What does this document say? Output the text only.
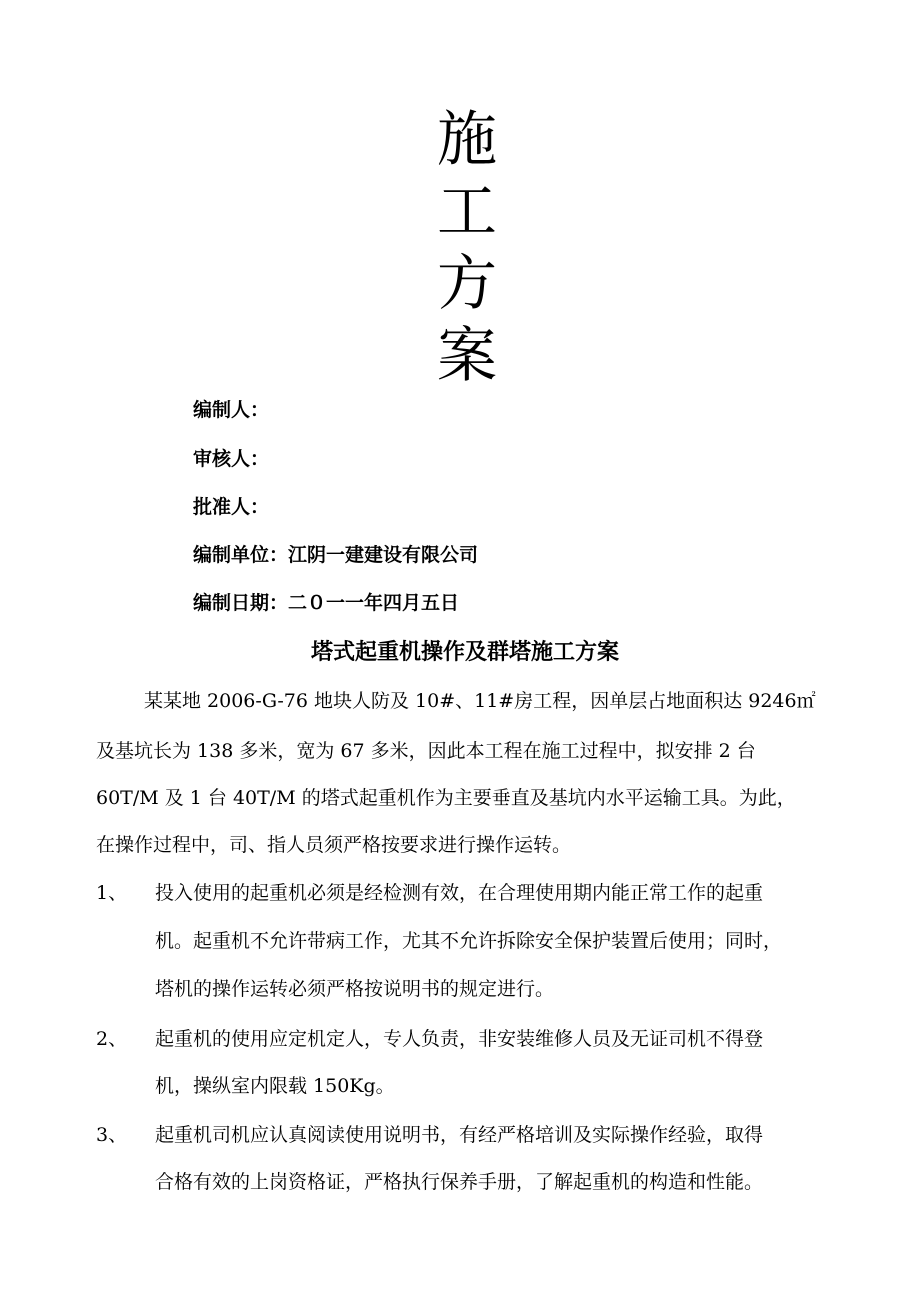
施
工
方
案
编制人：
审核人：
批准人：
编制单位：江阴一建建设有限公司
编制日期：二０一一年四月五日
塔式起重机操作及群塔施工方案
某某地 2006-G-76 地块人防及 10#、11#房工程，因单层占地面积达 9246㎡
及基坑长为 138 多米，宽为 67 多米，因此本工程在施工过程中，拟安排 2 台
60T/M 及 1 台 40T/M 的塔式起重机作为主要垂直及基坑内水平运输工具。为此，
在操作过程中，司、指人员须严格按要求进行操作运转。
1、 投入使用的起重机必须是经检测有效，在合理使用期内能正常工作的起重
机。起重机不允许带病工作，尤其不允许拆除安全保护装置后使用；同时，
塔机的操作运转必须严格按说明书的规定进行。
2、 起重机的使用应定机定人，专人负责，非安装维修人员及无证司机不得登
机，操纵室内限载 150Kg。
3、 起重机司机应认真阅读使用说明书，有经严格培训及实际操作经验，取得
合格有效的上岗资格证，严格执行保养手册，了解起重机的构造和性能。
